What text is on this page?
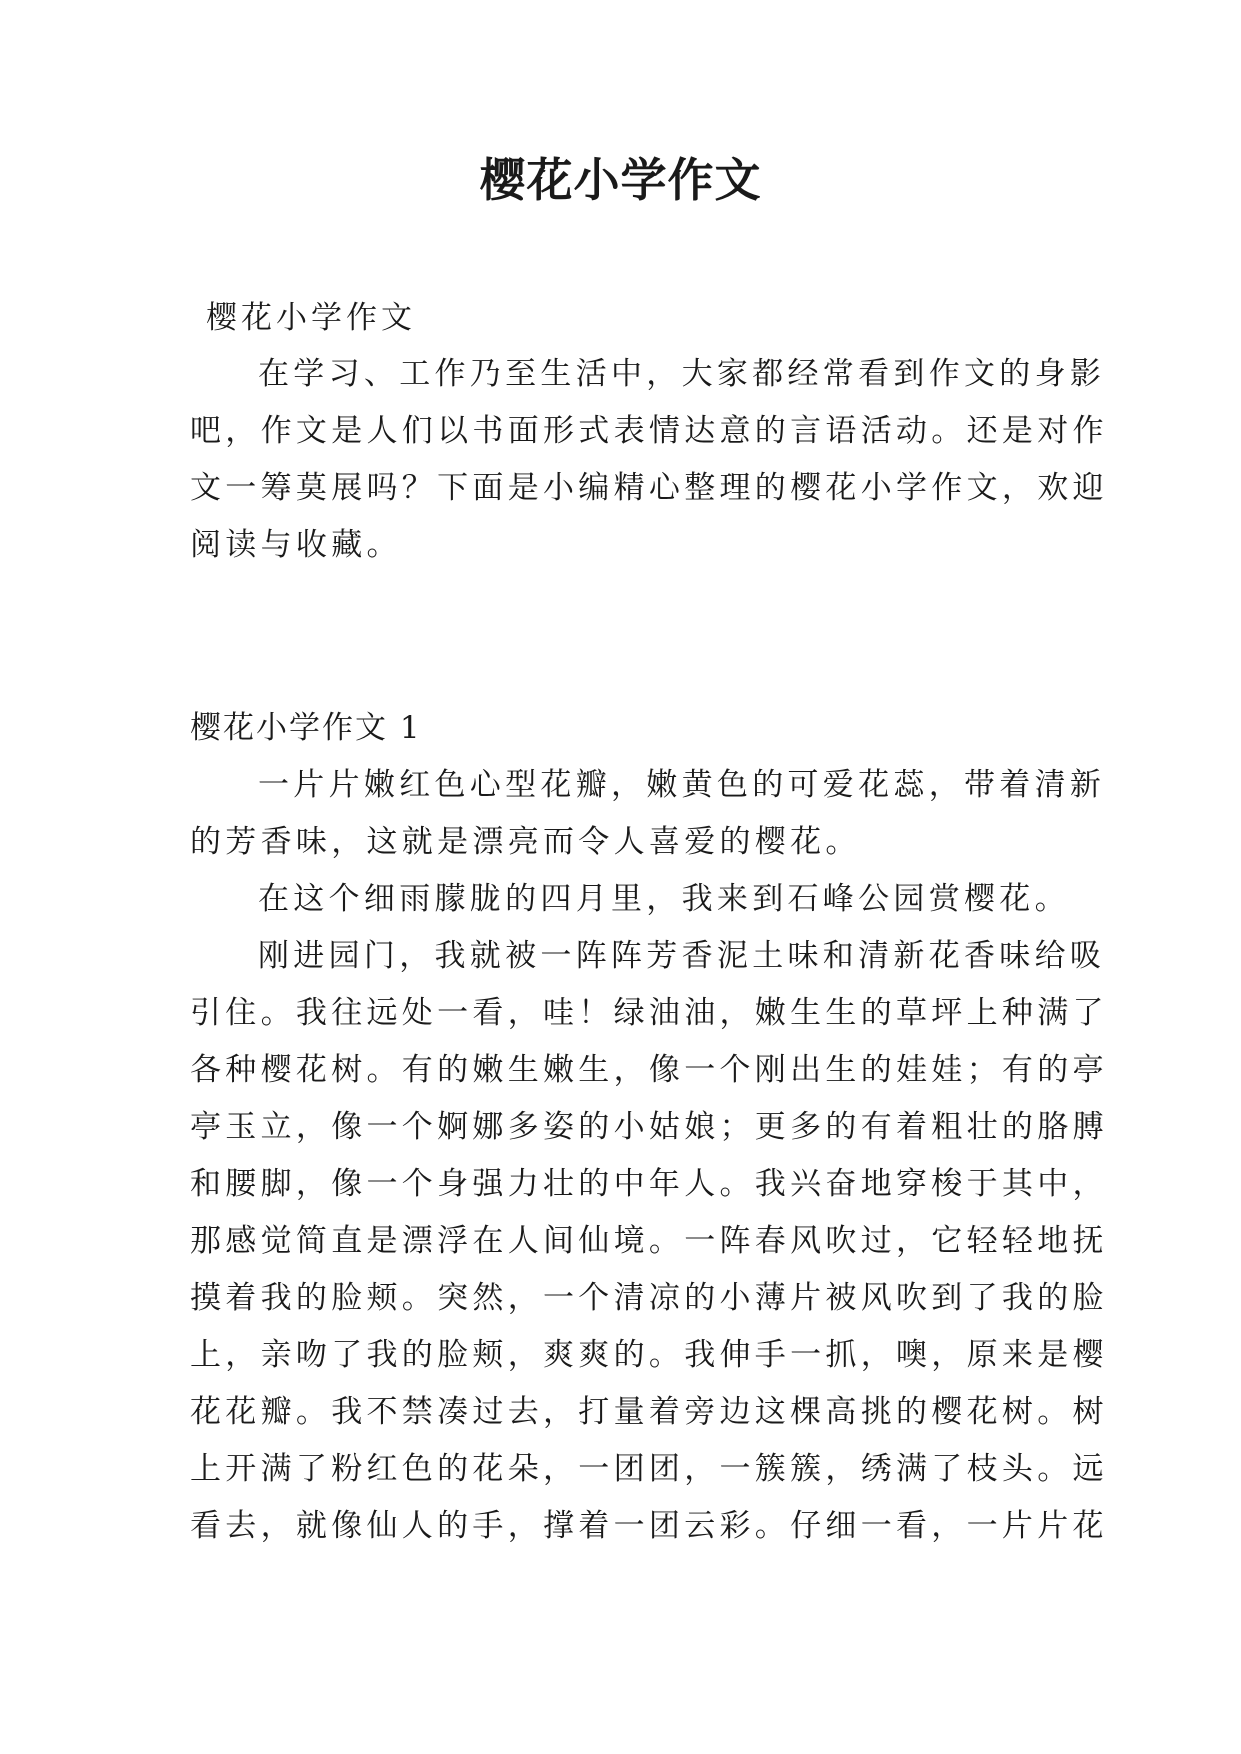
樱花小学作文

樱花小学作文

在学习、工作乃至生活中，大家都经常看到作文的身影

吧，作文是人们以书面形式表情达意的言语活动。还是对作

文一筹莫展吗？下面是小编精心整理的樱花小学作文，欢迎

阅读与收藏。

樱花小学作文 1

一片片嫩红色心型花瓣，嫩黄色的可爱花蕊，带着清新

的芳香味，这就是漂亮而令人喜爱的樱花。

在这个细雨朦胧的四月里，我来到石峰公园赏樱花。

刚进园门，我就被一阵阵芳香泥土味和清新花香味给吸

引住。我往远处一看，哇！绿油油，嫩生生的草坪上种满了

各种樱花树。有的嫩生嫩生，像一个刚出生的娃娃；有的亭

亭玉立，像一个婀娜多姿的小姑娘；更多的有着粗壮的胳膊

和腰脚，像一个身强力壮的中年人。我兴奋地穿梭于其中，

那感觉简直是漂浮在人间仙境。一阵春风吹过，它轻轻地抚

摸着我的脸颊。突然，一个清凉的小薄片被风吹到了我的脸

上，亲吻了我的脸颊，爽爽的。我伸手一抓，噢，原来是樱

花花瓣。我不禁凑过去，打量着旁边这棵高挑的樱花树。树

上开满了粉红色的花朵，一团团，一簇簇，绣满了枝头。远

看去，就像仙人的手，撑着一团云彩。仔细一看，一片片花
